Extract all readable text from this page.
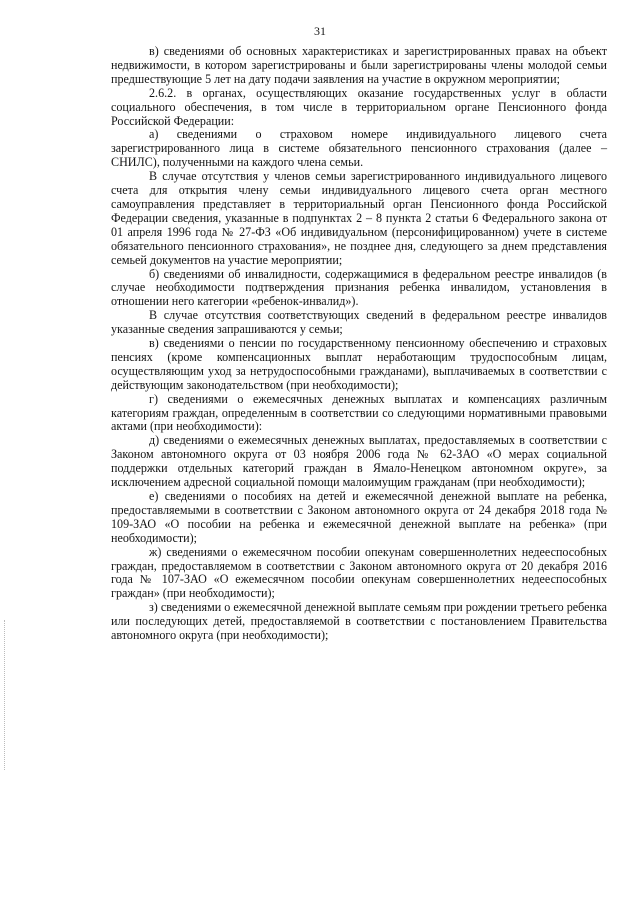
31

в) сведениями об основных характеристиках и зарегистрированных правах на объект недвижимости, в котором зарегистрированы и были зарегистрированы члены молодой семьи предшествующие 5 лет на дату подачи заявления на участие в окружном мероприятии;

2.6.2. в органах, осуществляющих оказание государственных услуг в области социального обеспечения, в том числе в территориальном органе Пенсионного фонда Российской Федерации:

а) сведениями о страховом номере индивидуального лицевого счета зарегистрированного лица в системе обязательного пенсионного страхования (далее – СНИЛС), полученными на каждого члена семьи.

В случае отсутствия у членов семьи зарегистрированного индивидуального лицевого счета для открытия члену семьи индивидуального лицевого счета орган местного самоуправления представляет в территориальный орган Пенсионного фонда Российской Федерации сведения, указанные в подпунктах 2 – 8 пункта 2 статьи 6 Федерального закона от 01 апреля 1996 года № 27-ФЗ «Об индивидуальном (персонифицированном) учете в системе обязательного пенсионного страхования», не позднее дня, следующего за днем представления семьей документов на участие мероприятии;

б) сведениями об инвалидности, содержащимися в федеральном реестре инвалидов (в случае необходимости подтверждения признания ребенка инвалидом, установления в отношении него категории «ребенок-инвалид»).

В случае отсутствия соответствующих сведений в федеральном реестре инвалидов указанные сведения запрашиваются у семьи;

в) сведениями о пенсии по государственному пенсионному обеспечению и страховых пенсиях (кроме компенсационных выплат неработающим трудоспособным лицам, осуществляющим уход за нетрудоспособными гражданами), выплачиваемых в соответствии с действующим законодательством (при необходимости);

г) сведениями о ежемесячных денежных выплатах и компенсациях различным категориям граждан, определенным в соответствии со следующими нормативными правовыми актами (при необходимости):

д) сведениями о ежемесячных денежных выплатах, предоставляемых в соответствии с Законом автономного округа от 03 ноября 2006 года № 62-ЗАО «О мерах социальной поддержки отдельных категорий граждан в Ямало-Ненецком автономном округе», за исключением адресной социальной помощи малоимущим гражданам (при необходимости);

е) сведениями о пособиях на детей и ежемесячной денежной выплате на ребенка, предоставляемыми в соответствии с Законом автономного округа от 24 декабря 2018 года № 109-ЗАО «О пособии на ребенка и ежемесячной денежной выплате на ребенка» (при необходимости);

ж) сведениями о ежемесячном пособии опекунам совершеннолетних недееспособных граждан, предоставляемом в соответствии с Законом автономного округа от 20 декабря 2016 года № 107-ЗАО «О ежемесячном пособии опекунам совершеннолетних недееспособных граждан» (при необходимости);

з) сведениями о ежемесячной денежной выплате семьям при рождении третьего ребенка или последующих детей, предоставляемой в соответствии с постановлением Правительства автономного округа (при необходимости);
